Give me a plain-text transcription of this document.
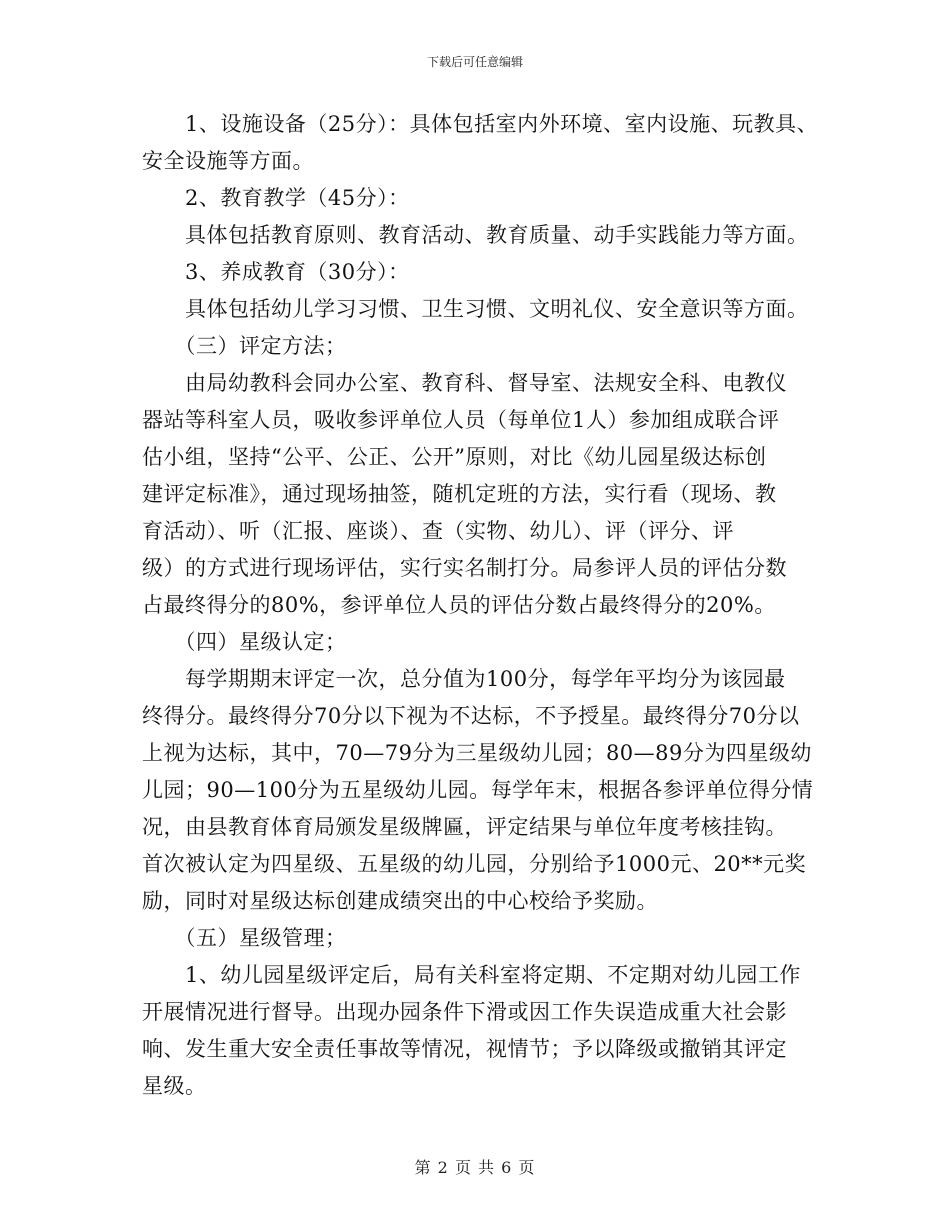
下载后可任意编辑
　　1、设施设备（25分）：具体包括室内外环境、室内设施、玩教具、
安全设施等方面。
　　2、教育教学（45分）：
　　具体包括教育原则、教育活动、教育质量、动手实践能力等方面。
　　3、养成教育（30分）：
　　具体包括幼儿学习习惯、卫生习惯、文明礼仪、安全意识等方面。
　　（三）评定方法；
　　由局幼教科会同办公室、教育科、督导室、法规安全科、电教仪
器站等科室人员，吸收参评单位人员（每单位1人）参加组成联合评
估小组，坚持“公平、公正、公开”原则，对比《幼儿园星级达标创
建评定标准》，通过现场抽签，随机定班的方法，实行看（现场、教
育活动）、听（汇报、座谈）、查（实物、幼儿）、评（评分、评
级）的方式进行现场评估，实行实名制打分。局参评人员的评估分数
占最终得分的80%，参评单位人员的评估分数占最终得分的20%。
　　（四）星级认定；
　　每学期期末评定一次，总分值为100分，每学年平均分为该园最
终得分。最终得分70分以下视为不达标，不予授星。最终得分70分以
上视为达标，其中，70—79分为三星级幼儿园；80—89分为四星级幼
儿园；90—100分为五星级幼儿园。每学年末，根据各参评单位得分情
况，由县教育体育局颁发星级牌匾，评定结果与单位年度考核挂钩。
首次被认定为四星级、五星级的幼儿园，分别给予1000元、20**元奖
励，同时对星级达标创建成绩突出的中心校给予奖励。
　　（五）星级管理；
　　1、幼儿园星级评定后，局有关科室将定期、不定期对幼儿园工作
开展情况进行督导。出现办园条件下滑或因工作失误造成重大社会影
响、发生重大安全责任事故等情况，视情节；予以降级或撤销其评定
星级。
第 2 页 共 6 页
